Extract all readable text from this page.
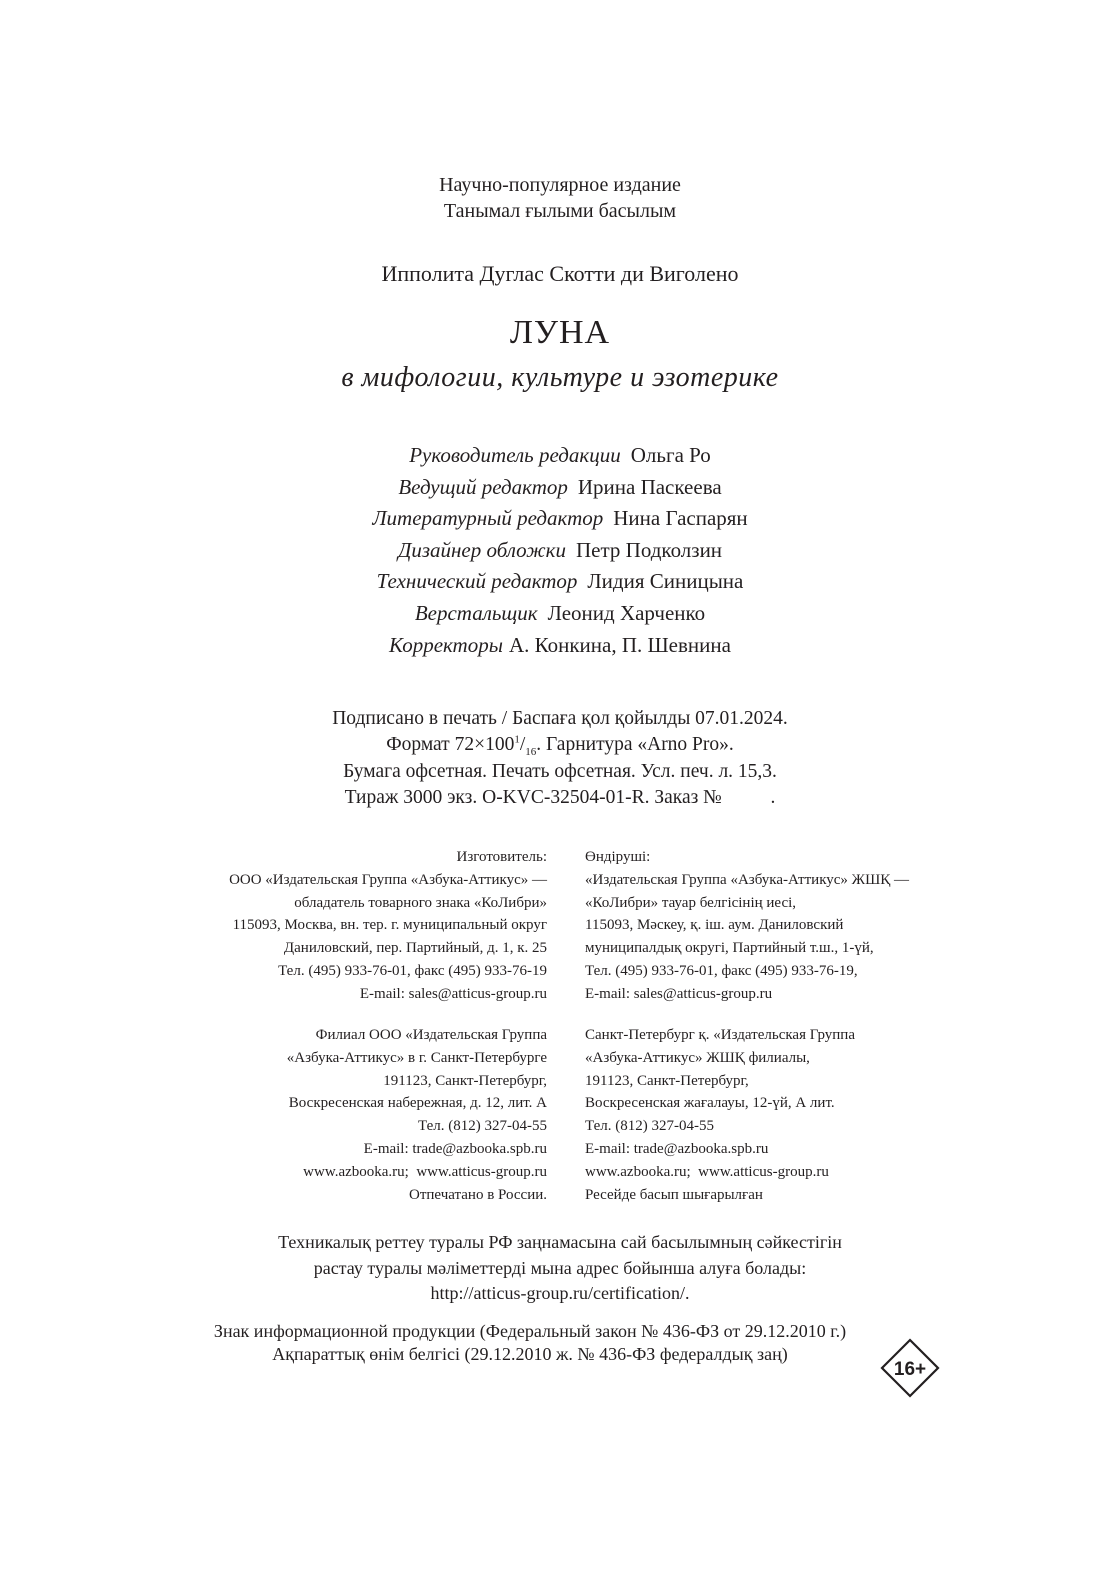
Научно-популярное издание
Танымал ғылыми басылым
Ипполита Дуглас Скотти ди Виголено
ЛУНА
в мифологии, культуре и эзотерике
Руководитель редакции Ольга Ро
Ведущий редактор Ирина Паскеева
Литературный редактор Нина Гаспарян
Дизайнер обложки Петр Подколзин
Технический редактор Лидия Синицына
Верстальщик Леонид Харченко
Корректоры А. Конкина, П. Шевнина
Подписано в печать / Баспаға қол қойылды 07.01.2024.
Формат $72\times 100^1/_{16}$. Гарнитура «Arno Pro».
Бумага офсетная. Печать офсетная. Усл. печ. л. 15,3.
Тираж 3000 экз. O-KVC-32504-01-R. Заказ №          .
Изготовитель:
ООО «Издательская Группа «Азбука-Аттикус» —
обладатель товарного знака «КоЛибри»
115093, Москва, вн. тер. г. муниципальный округ
Даниловский, пер. Партийный, д. 1, к. 25
Тел. (495) 933-76-01, факс (495) 933-76-19
E-mail: sales@atticus-group.ru
Филиал ООО «Издательская Группа
«Азбука-Аттикус» в г. Санкт-Петербурге
191123, Санкт-Петербург,
Воскресенская набережная, д. 12, лит. А
Тел. (812) 327-04-55
E-mail: trade@azbooka.spb.ru
www.azbooka.ru;  www.atticus-group.ru
Отпечатано в России.
Өндіруші:
«Издательская Группа «Азбука-Аттикус» ЖШҚ —
«КоЛибри» тауар белгісінің иесі,
115093, Мәскеу, қ. іш. аум. Даниловский
муниципалдық округі, Партийный т.ш., 1-үй,
Тел. (495) 933-76-01, факс (495) 933-76-19,
E-mail: sales@atticus-group.ru
Санкт-Петербург қ. «Издательская Группа
«Азбука-Аттикус» ЖШҚ филиалы,
191123, Санкт-Петербург,
Воскресенская жағалауы, 12-үй, А лит.
Тел. (812) 327-04-55
E-mail: trade@azbooka.spb.ru
www.azbooka.ru;  www.atticus-group.ru
Ресейде басып шығарылған
Техникалық реттеу туралы РФ заңнамасына сай басылымның сәйкестігін
растау туралы мәліметтерді мына адрес бойынша алуға болады:
http://atticus-group.ru/certification/.
Знак информационной продукции (Федеральный закон № 436-ФЗ от 29.12.2010 г.)
Ақпараттық өнім белгісі (29.12.2010 ж. № 436-ФЗ федералдық заң)
16+
